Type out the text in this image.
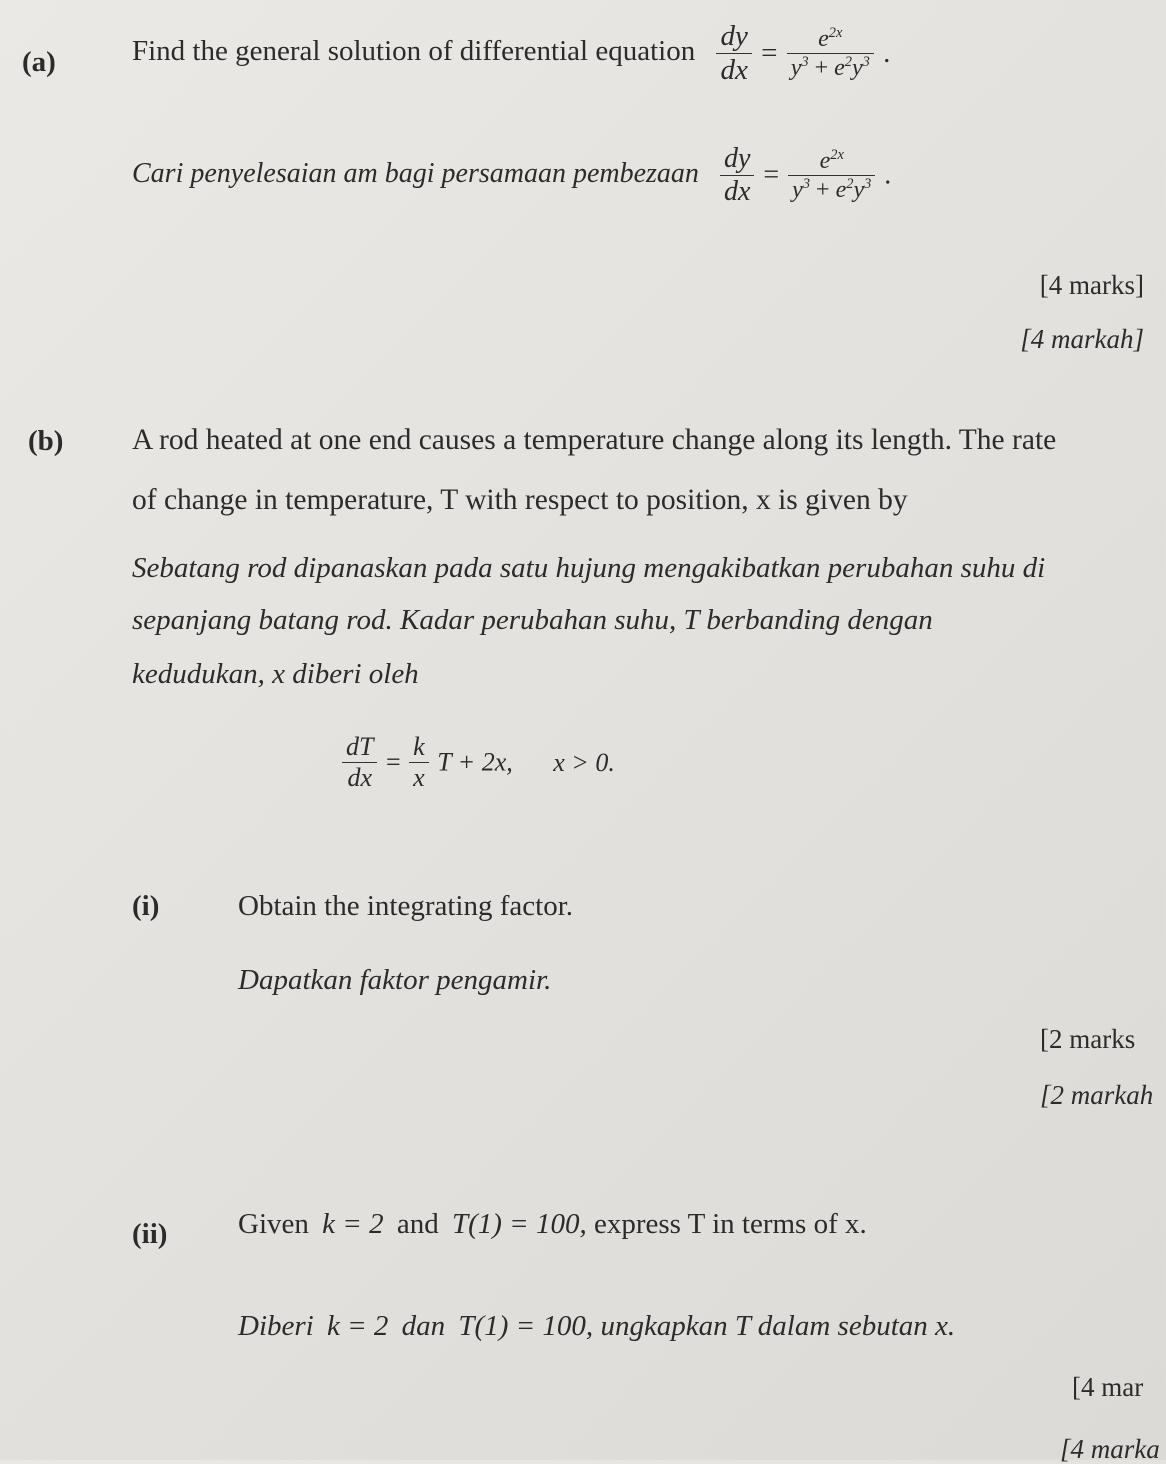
(a)	Find the general solution of differential equation $\frac{dy}{dx} = \frac{e^{2x}}{y^3 + e^2y^3}$ .
Cari penyelesaian am bagi persamaan pembezaan $\frac{dy}{dx} = \frac{e^{2x}}{y^3 + e^2y^3}$ .
[4 marks]
[4 markah]
(b) A rod heated at one end causes a temperature change along its length. The rate
of change in temperature, T with respect to position, x is given by
Sebatang rod dipanaskan pada satu hujung mengakibatkan perubahan suhu di
sepanjang batang rod. Kadar perubahan suhu, T berbanding dengan
kedudukan, x diberi oleh
$\frac{dT}{dx} = \frac{k}{x}$ T + 2x, x > 0.
(i)	Obtain the integrating factor.
Dapatkan faktor pengamir.
[2 marks
[2 markah
(ii) Given k = 2 and T(1) = 100, express T in terms of x.
Diberi k = 2 dan T(1) = 100, ungkapkan T dalam sebutan x.
[4 mar
[4 marka
